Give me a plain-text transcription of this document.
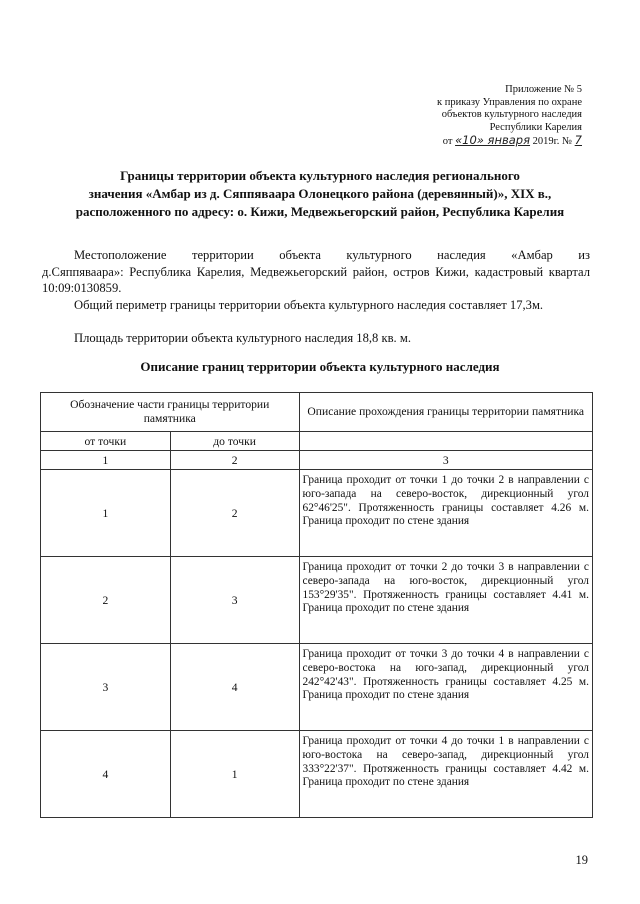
Приложение № 5
к приказу Управления по охране
объектов культурного наследия
Республики Карелия
от «10» января 2019г. № 7
Границы территории объекта культурного наследия регионального
значения «Амбар из д. Сяппяваара Олонецкого района (деревянный)», XIX в.,
расположенного по адресу: о. Кижи, Медвежьегорский район, Республика Карелия
Местоположение территории объекта культурного наследия «Амбар из
д.Сяппяваара»: Республика Карелия, Медвежьегорский район, остров Кижи, кадастровый квартал 10:09:0130859.
Общий периметр границы территории объекта культурного наследия составляет 17,3м.
Площадь территории объекта культурного наследия 18,8 кв. м.
Описание границ территории объекта культурного наследия
Обозначение части границы территории памятника		Описание прохождения границы территории памятника
от точки	до точки	
1	2	3
1	2	Граница проходит от точки 1 до точки 2 в направлении с юго-запада на северо-восток, дирекционный угол 62°46'25". Протяженность границы составляет 4.26 м. Граница проходит по стене здания
2	3	Граница проходит от точки 2 до точки 3 в направлении с северо-запада на юго-восток, дирекционный угол 153°29'35". Протяженность границы составляет 4.41 м. Граница проходит по стене здания
3	4	Граница проходит от точки 3 до точки 4 в направлении с северо-востока на юго-запад, дирекционный угол 242°42'43". Протяженность границы составляет 4.25 м. Граница проходит по стене здания
4	1	Граница проходит от точки 4 до точки 1 в направлении с юго-востока на северо-запад, дирекционный угол 333°22'37". Протяженность границы составляет 4.42 м. Граница проходит по стене здания
19
